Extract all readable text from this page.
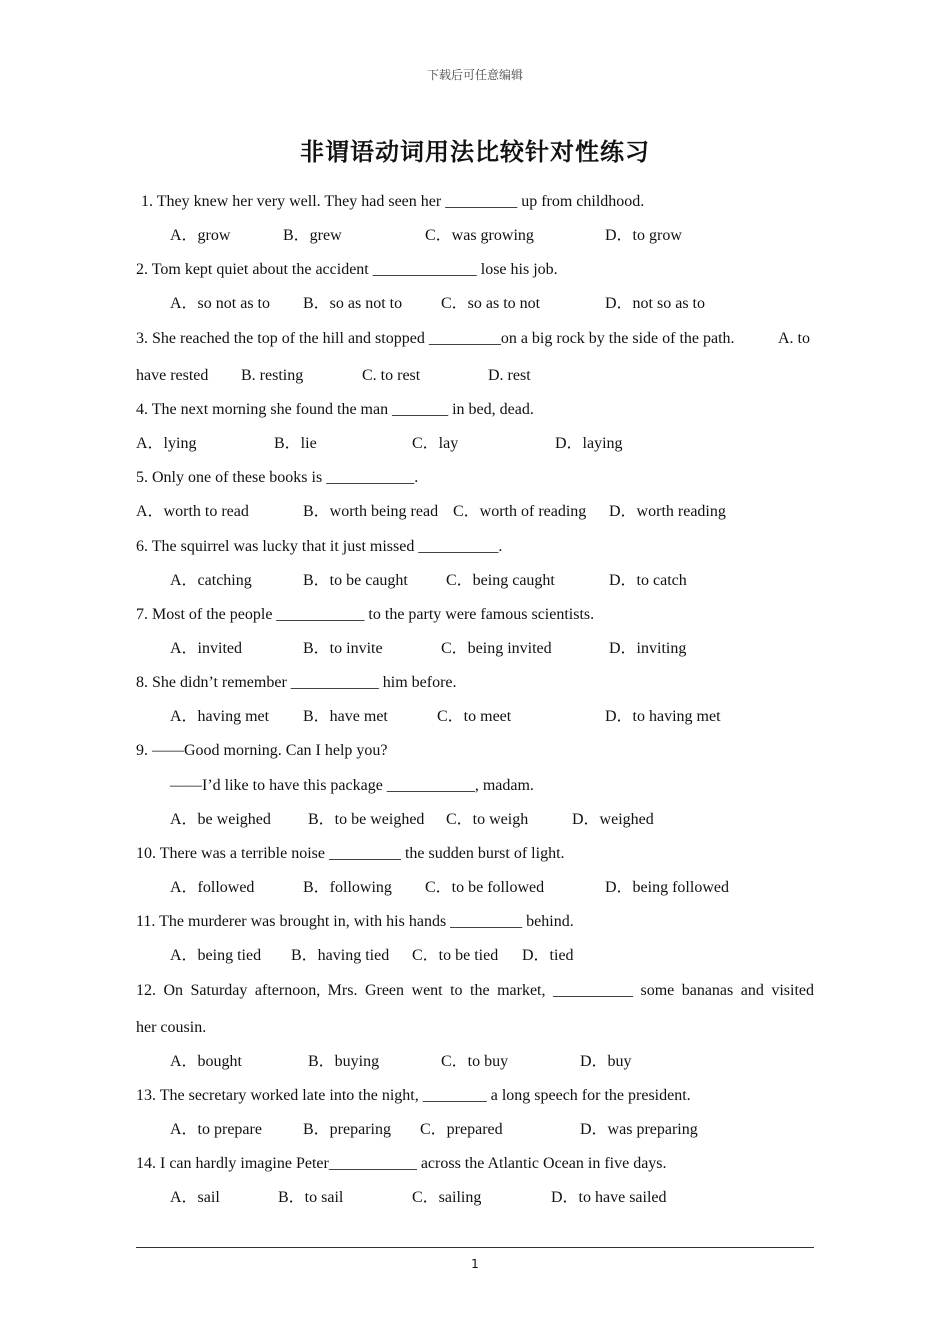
下载后可任意编辑
非谓语动词用法比较针对性练习
1. They knew her very well. They had seen her _________ up from childhood.
A．grow	B．grew	C．was growing	D．to grow
2. Tom kept quiet about the accident _____________ lose his job.
A．so not as to B．so as not to C．so as to not	D．not so as to
3. She reached the top of the hill and stopped _________on a big rock by the side of the path.	A. to
have rested B. resting	C. to rest	D. rest
4. The next morning she found the man _______ in bed, dead.
A．lying	B．lie	C．lay	D．laying
5. Only one of these books is ___________.
A．worth to read	B．worth being read C．worth of reading D．worth reading
6. The squirrel was lucky that it just missed __________.
A．catching	B．to be caught C．being caught	D．to catch
7. Most of the people ___________ to the party were famous scientists.
A．invited	B．to invite	C．being invited	D．inviting
8. She didn’t remember ___________ him before.
A．having met B．have met	C．to meet	D．to having met
9. ——Good morning. Can I help you?
——I’d like to have this package ___________, madam.
A．be weighed B．to be weighed C．to weigh	D．weighed
10. There was a terrible noise _________ the sudden burst of light.
A．followed	B．following C．to be followed	D．being followed
11. The murderer was brought in, with his hands _________ behind.
A．being tied B．having tied C．to be tied D．tied
12. On Saturday afternoon, Mrs. Green went to the market, __________ some bananas and visited
her cousin.
A．bought	B．buying	C．to buy	D．buy
13. The secretary worked late into the night, ________ a long speech for the president.
A．to prepare	B．preparing C．prepared	D．was preparing
14. I can hardly imagine Peter___________ across the Atlantic Ocean in five days.
A．sail	B．to sail	C．sailing	D．to have sailed
1
